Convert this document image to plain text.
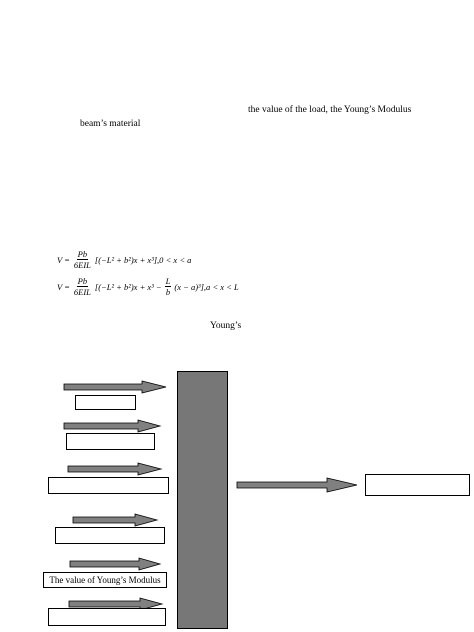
the value of the load, the Young’s Modulus
beam’s material
$V = \frac{Pb}{\text{6EIL}} [(-L^2 + b^2)x + x^3],0 < x < a$
$V = \frac{Pb}{\text{6EIL}} [(-L^2 + b^2)x + x^3 - \frac{L}{b} (x - a)^3],a < x < L$
Young’s
The value of Young’s Modulus
